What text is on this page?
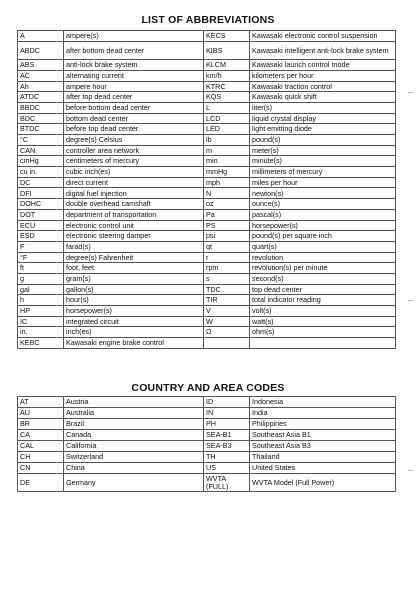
LIST OF ABBREVIATIONS
A	ampere(s)	KECS	Kawasaki electronic control suspension
ABDC	after bottom dead center	KIBS	Kawasaki intelligent anti-lock brake system
ABS	anti-lock brake system	KLCM	Kawasaki launch control mode
AC	alternating current	km/h	kilometers per hour
Ah	ampere hour	KTRC	Kawasaki traction control
ATDC	after top dead center	KQS	Kawasaki quick shift
BBDC	before bottom dead center	L	liter(s)
BDC	bottom dead center	LCD	liquid crystal display
BTDC	before top dead center	LED	light emitting diode
°C	degree(s) Celsius	lb	pound(s)
CAN	controller area network	m	meter(s)
cmHg	centimeters of mercury	min	minute(s)
cu in.	cubic inch(es)	mmHg	millimeters of mercury
DC	direct current	mph	miles per hour
DFI	digital fuel injection	N	newton(s)
DOHC	double overhead camshaft	oz	ounce(s)
DOT	department of transportation	Pa	pascal(s)
ECU	electronic control unit	PS	horsepower(s)
ESD	electronic steering damper	psi	pound(s) per square inch
F	farad(s)	qt	quart(s)
°F	degree(s) Fahrenheit	r	revolution
ft	foot, feet	rpm	revolution(s) per minute
g	gram(s)	s	second(s)
gal	gallon(s)	TDC	top dead center
h	hour(s)	TIR	total indicator reading
HP	horsepower(s)	V	volt(s)
IC	integrated circuit	W	watt(s)
in.	inch(es)	Ω	ohm(s)
KEBC	Kawasaki engine brake control		
COUNTRY AND AREA CODES
AT	Austria	ID	Indonesia
AU	Australia	IN	India
BR	Brazil	PH	Philippines
CA	Canada	SEA-B1	Southeast Asia B1
CAL	California	SEA-B3	Southeast Asia B3
CH	Switzerland	TH	Thailand
CN	China	US	United States
DE	Germany	WVTA (FULL)	WVTA Model (Full Power)
